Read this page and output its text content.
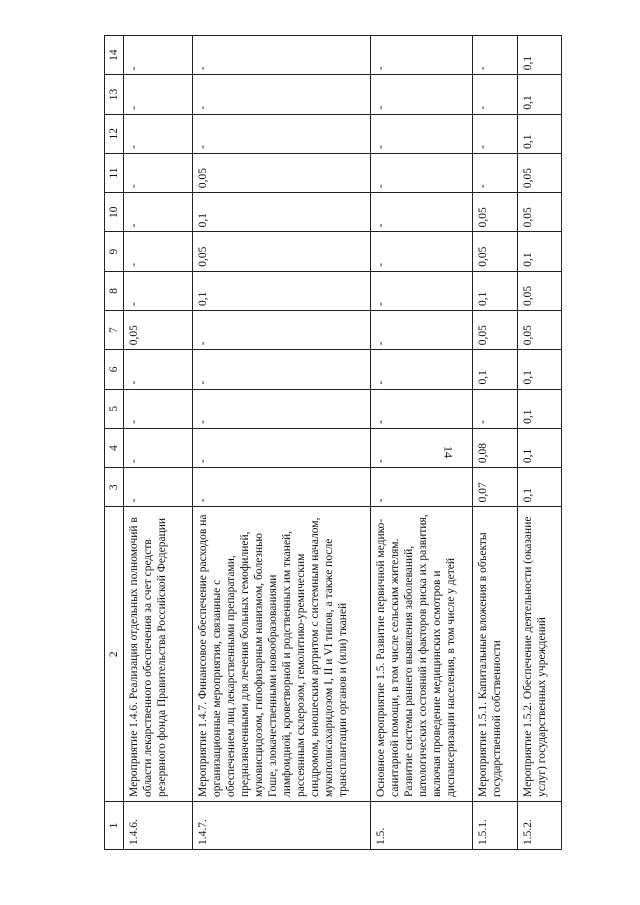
14
1	2	3	4	5	6	7	8	9	10	11	12	13	14
1.4.6.	Мероприятие 1.4.6. Реализация отдельных полномочий в области лекарственного обеспечения за счет средств резервного фонда Правительства Российской Федерации	-	-	-	-	0,05	-	-	-	-	-	-	-
1.4.7.	Мероприятие 1.4.7. Финансовое обеспечение расходов на организационные мероприятия, связанные с обеспечением лиц лекарственными препаратами, предназначенными для лечения больных гемофилией, муковисцидозом, гипофизарным нанизмом, болезнью Гоше, злокачественными новообразованиями лимфоидной, кроветворной и родственных им тканей, рассеянным склерозом, гемолитико-уремическим синдромом, юношеским артритом с системным началом, мукополисахаридозом I, II и VI типов, а также после трансплантации органов и (или) тканей	-	-	-	-	-	0,1	0,05	0,1	0,05	-	-	-
1.5.	Основное мероприятие 1.5. Развитие первичной медико-санитарной помощи, в том числе сельским жителям. Развитие системы раннего выявления заболеваний, патологических состояний и факторов риска их развития, включая проведение медицинских осмотров и диспансеризации населения, в том числе у детей	-	-	-	-	-	-	-	-	-	-	-	-
1.5.1.	Мероприятие 1.5.1. Капитальные вложения в объекты государственной собственности	0,07	0,08	-	0,1	0,05	0,1	0,05	0,05	-	-	-	-
1.5.2.	Мероприятие 1.5.2. Обеспечение деятельности (оказание услуг) государственных учреждений	0,1	0,1	0,1	0,1	0,05	0,05	0,1	0,05	0,05	0,1	0,1	0,1
